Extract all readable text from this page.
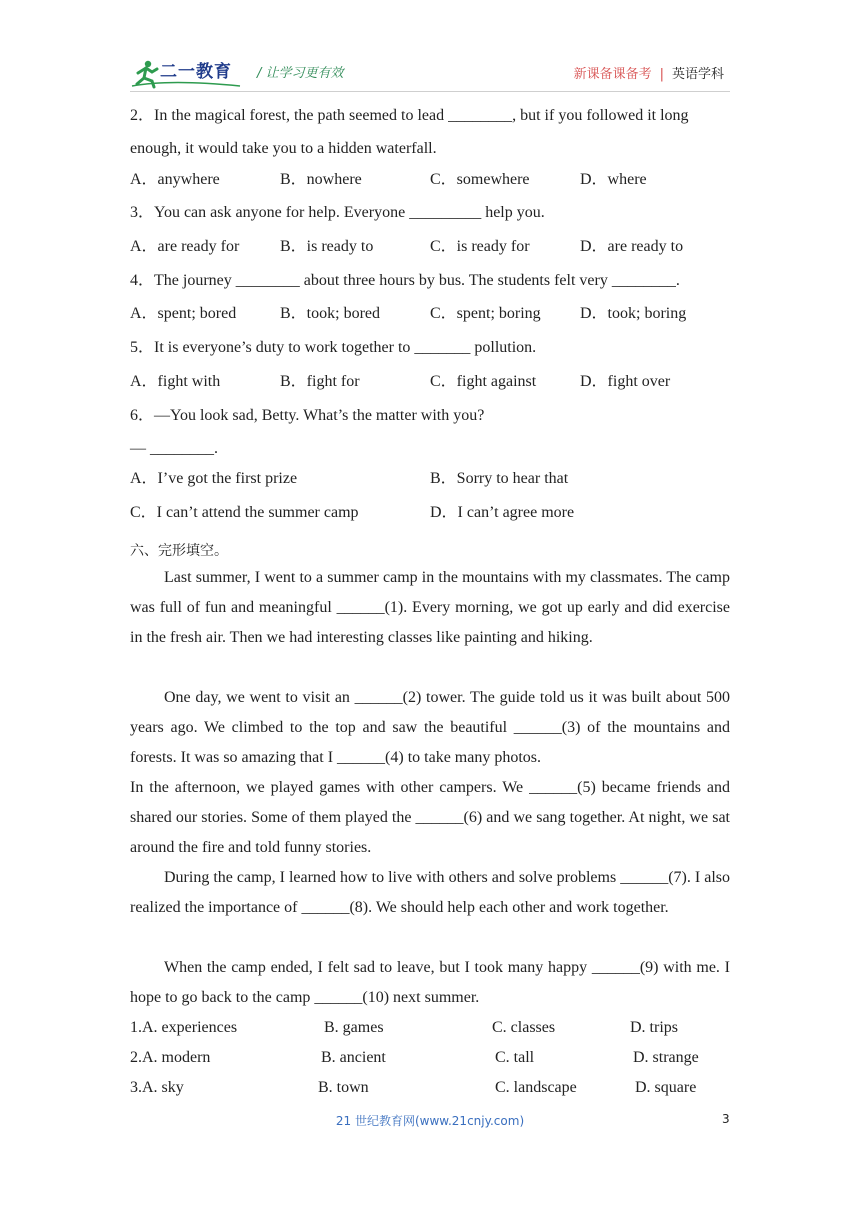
二一教育 / 让学习更有效	新课备课备考 | 英语学科
2．In the magical forest, the path seemed to lead ________, but if you followed it long
enough, it would take you to a hidden waterfall.
A．anywhere	B．nowhere	C．somewhere	D．where
3．You can ask anyone for help. Everyone _________ help you.
A．are ready for	B．is ready to	C．is ready for	D．are ready to
4．The journey ________ about three hours by bus. The students felt very ________.
A．spent; bored	B．took; bored	C．spent; boring D．took; boring
5．It is everyone’s duty to work together to _______ pollution.
A．fight with	B．fight for	C．fight against	D．fight over
6．—You look sad, Betty. What’s the matter with you?
— ________.
A．I’ve got the first prize	B．Sorry to hear that
C．I can’t attend the summer camp	D．I can’t agree more
六、完形填空。
Last summer, I went to a summer camp in the mountains with my classmates. The camp was full of fun and meaningful ______(1). Every morning, we got up early and did exercise in the fresh air. Then we had interesting classes like painting and hiking.
One day, we went to visit an ______(2) tower. The guide told us it was built about 500 years ago. We climbed to the top and saw the beautiful ______(3) of the mountains and forests. It was so amazing that I ______(4) to take many photos.
In the afternoon, we played games with other campers. We ______(5) became friends and shared our stories. Some of them played the ______(6) and we sang together. At night, we sat around the fire and told funny stories.
During the camp, I learned how to live with others and solve problems ______(7). I also realized the importance of ______(8). We should help each other and work together.
When the camp ended, I felt sad to leave, but I took many happy ______(9) with me. I hope to go back to the camp ______(10) next summer.
1.A. experiences	B. games	C. classes	D. trips
2.A. modern	B. ancient	C. tall	D. strange
3.A. sky	B. town	C. landscape	D. square
21 世纪教育网(www.21cnjy.com)	3
